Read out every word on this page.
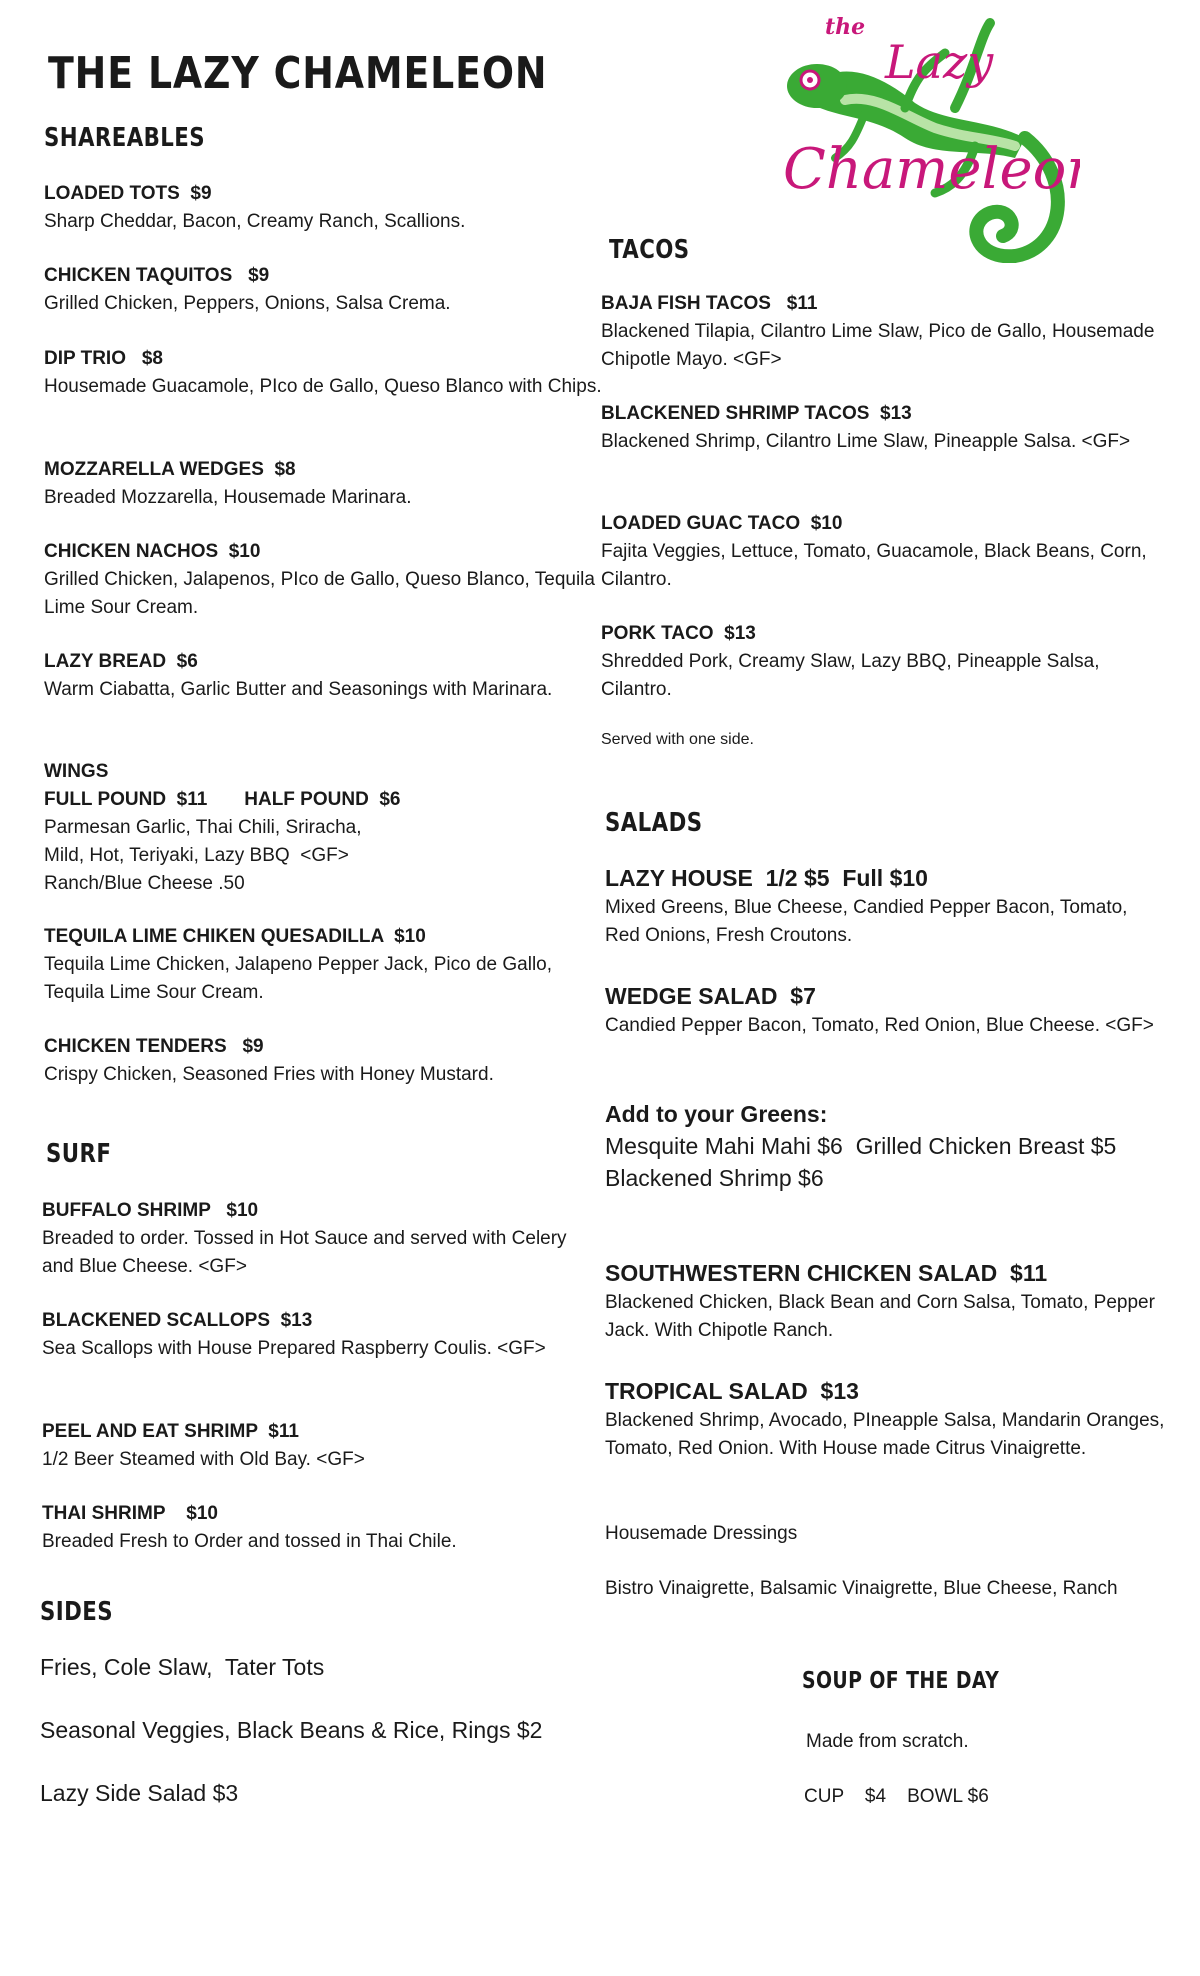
THE LAZY CHAMELEON
the
Lazy
Chameleon
SHAREABLES
LOADED TOTS  $9
Sharp Cheddar, Bacon, Creamy Ranch, Scallions.
CHICKEN TAQUITOS   $9
Grilled Chicken, Peppers, Onions, Salsa Crema.
DIP TRIO   $8
Housemade Guacamole, PIco de Gallo, Queso Blanco with Chips.
MOZZARELLA WEDGES  $8
Breaded Mozzarella, Housemade Marinara.
CHICKEN NACHOS  $10
Grilled Chicken, Jalapenos, PIco de Gallo, Queso Blanco, Tequila Lime Sour Cream.
LAZY BREAD  $6
Warm Ciabatta, Garlic Butter and Seasonings with Marinara.
WINGS
FULL POUND  $11       HALF POUND  $6
Parmesan Garlic, Thai Chili, Sriracha,
Mild, Hot, Teriyaki, Lazy BBQ  <GF>
Ranch/Blue Cheese .50
TEQUILA LIME CHIKEN QUESADILLA  $10
Tequila Lime Chicken, Jalapeno Pepper Jack, Pico de Gallo, Tequila Lime Sour Cream.
CHICKEN TENDERS   $9
Crispy Chicken, Seasoned Fries with Honey Mustard.
SURF
BUFFALO SHRIMP   $10
Breaded to order. Tossed in Hot Sauce and served with Celery and Blue Cheese. <GF>
BLACKENED SCALLOPS  $13
Sea Scallops with House Prepared Raspberry Coulis. <GF>
PEEL AND EAT SHRIMP  $11
1/2 Beer Steamed with Old Bay. <GF>
THAI SHRIMP    $10
Breaded Fresh to Order and tossed in Thai Chile.
SIDES
Fries, Cole Slaw,  Tater Tots
Seasonal Veggies, Black Beans & Rice, Rings $2
Lazy Side Salad $3
TACOS
BAJA FISH TACOS   $11
Blackened Tilapia, Cilantro Lime Slaw, Pico de Gallo, Housemade Chipotle Mayo. <GF>
BLACKENED SHRIMP TACOS  $13
Blackened Shrimp, Cilantro Lime Slaw, Pineapple Salsa. <GF>
LOADED GUAC TACO  $10
Fajita Veggies, Lettuce, Tomato, Guacamole, Black Beans, Corn, Cilantro.
PORK TACO  $13
Shredded Pork, Creamy Slaw, Lazy BBQ, Pineapple Salsa, Cilantro.
Served with one side.
SALADS
LAZY HOUSE  1/2 $5  Full $10
Mixed Greens, Blue Cheese, Candied Pepper Bacon, Tomato, Red Onions, Fresh Croutons.
WEDGE SALAD  $7
Candied Pepper Bacon, Tomato, Red Onion, Blue Cheese. <GF>
Add to your Greens:
Mesquite Mahi Mahi $6  Grilled Chicken Breast $5
Blackened Shrimp $6
SOUTHWESTERN CHICKEN SALAD  $11
Blackened Chicken, Black Bean and Corn Salsa, Tomato, Pepper Jack. With Chipotle Ranch.
TROPICAL SALAD  $13
Blackened Shrimp, Avocado, PIneapple Salsa, Mandarin Oranges, Tomato, Red Onion. With House made Citrus Vinaigrette.
Housemade Dressings
Bistro Vinaigrette, Balsamic Vinaigrette, Blue Cheese, Ranch
SOUP OF THE DAY
Made from scratch.
CUP    $4    BOWL $6
